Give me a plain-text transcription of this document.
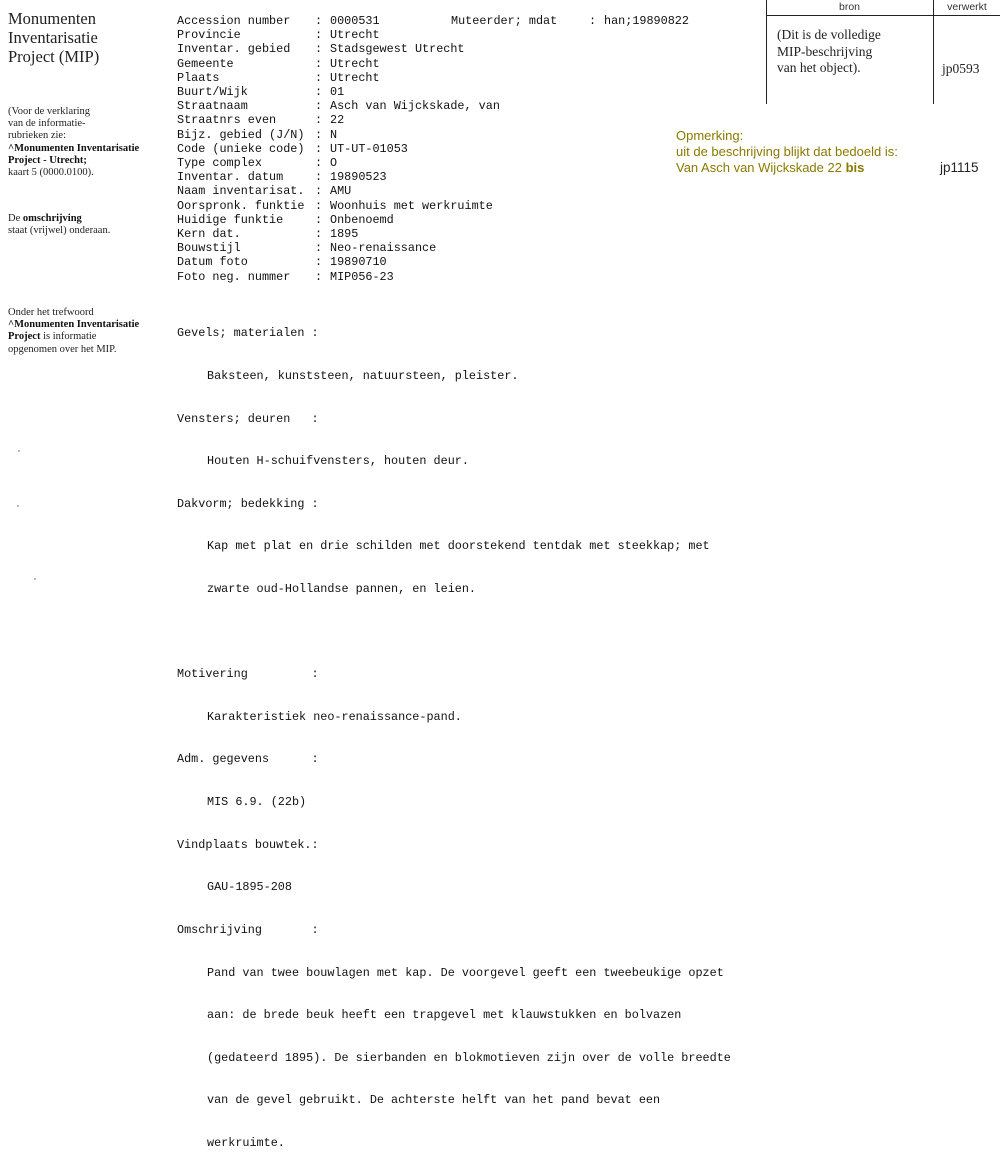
Monumenten
Inventarisatie
Project (MIP)
(Voor de verklaring
van de informatie-
rubrieken zie:
^Monumenten Inventarisatie
Project - Utrecht;
kaart 5 (0000.0100).
De omschrijving
staat (vrijwel) onderaan.
Onder het trefwoord
^Monumenten Inventarisatie
Project is informatie
opgenomen over het MIP.
Accession number : 0000531
Provincie	: Utrecht
Inventar. gebied : Stadsgewest Utrecht
Gemeente	: Utrecht
Plaats	: Utrecht
Buurt/Wijk	: 01
Straatnaam	: Asch van Wijckskade, van
Straatnrs even	: 22
Bijz. gebied (J/N) : N
Code (unieke code) : UT-UT-01053
Type complex	: O
Inventar. datum	: 19890523
Naam inventarisat. : AMU
Oorspronk. funktie : Woonhuis met werkruimte
Huidige funktie	: Onbenoemd
Kern dat.	: 1895
Bouwstijl	: Neo-renaissance
Datum foto	: 19890710
Foto neg. nummer : MIP056-23
Muteerder; mdat	: han;19890822

Gevels; materialen :

Baksteen, kunststeen, natuursteen, pleister.

Vensters; deuren   :

Houten H-schuifvensters, houten deur.

Dakvorm; bedekking :

Kap met plat en drie schilden met doorstekend tentdak met steekkap; met

zwarte oud-Hollandse pannen, en leien.

Motivering         :

Karakteristiek neo-renaissance-pand.

Adm. gegevens      :

MIS 6.9. (22b)

Vindplaats bouwtek.:

GAU-1895-208

Omschrijving       :

Pand van twee bouwlagen met kap. De voorgevel geeft een tweebeukige opzet

aan: de brede beuk heeft een trapgevel met klauwstukken en bolvazen

(gedateerd 1895). De sierbanden en blokmotieven zijn over de volle breedte

van de gevel gebruikt. De achterste helft van het pand bevat een

werkruimte.

bron	verwerkt
(Dit is de volledige
MIP-beschrijving
van het object).	jp0593
Opmerking:
uit de beschrijving blijkt dat bedoeld is:
Van Asch van Wijckskade 22 bis	jp1115
